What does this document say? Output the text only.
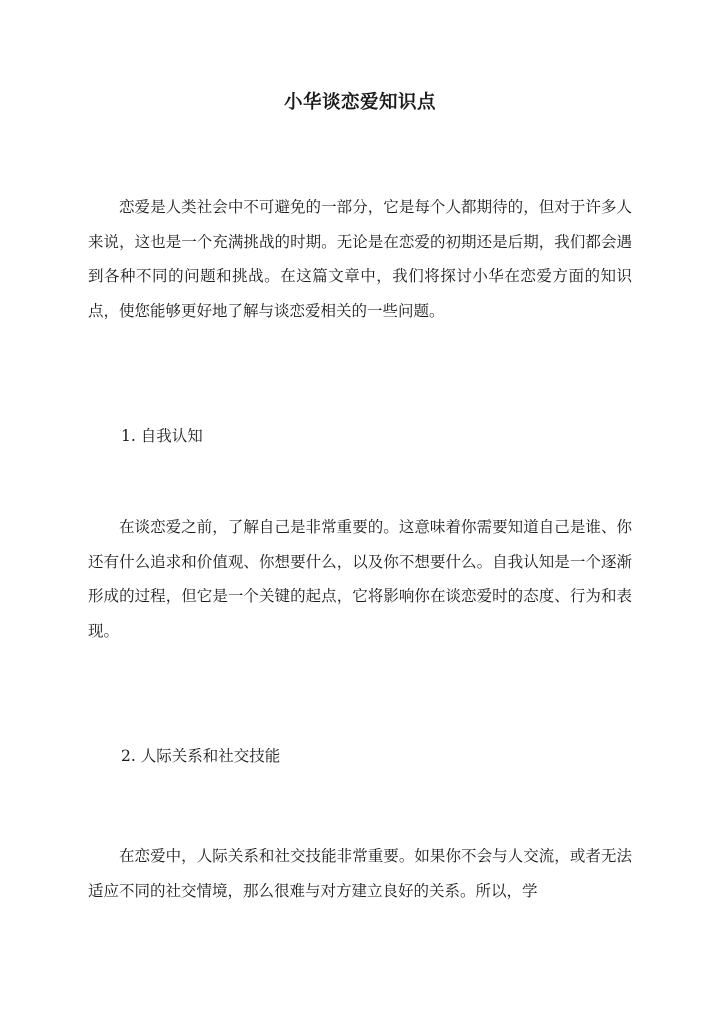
小华谈恋爱知识点

恋爱是人类社会中不可避免的一部分，它是每个人都期待的，但对于许多人来说，这也是一个充满挑战的时期。无论是在恋爱的初期还是后期，我们都会遇到各种不同的问题和挑战。在这篇文章中，我们将探讨小华在恋爱方面的知识点，使您能够更好地了解与谈恋爱相关的一些问题。

1. 自我认知

在谈恋爱之前，了解自己是非常重要的。这意味着你需要知道自己是谁、你还有什么追求和价值观、你想要什么，以及你不想要什么。自我认知是一个逐渐形成的过程，但它是一个关键的起点，它将影响你在谈恋爱时的态度、行为和表现。

2. 人际关系和社交技能

在恋爱中，人际关系和社交技能非常重要。如果你不会与人交流，或者无法适应不同的社交情境，那么很难与对方建立良好的关系。所以，学
